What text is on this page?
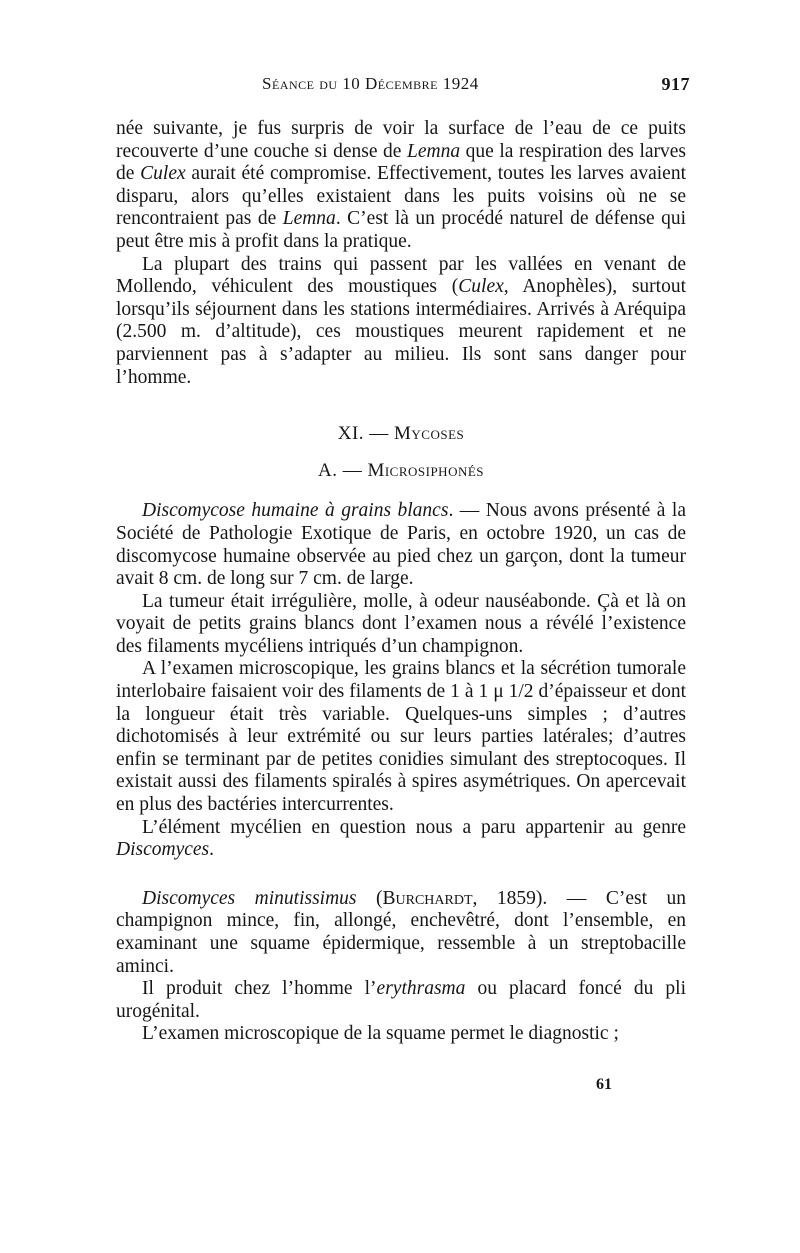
Séance du 10 Décembre 1924	917

née suivante, je fus surpris de voir la surface de l’eau de ce puits recouverte d’une couche si dense de Lemna que la respiration des larves de Culex aurait été compromise. Effectivement, toutes les larves avaient disparu, alors qu’elles existaient dans les puits voisins où ne se rencontraient pas de Lemna. C’est là un procédé naturel de défense qui peut être mis à profit dans la pratique.

La plupart des trains qui passent par les vallées en venant de Mollendo, véhiculent des moustiques (Culex, Anophèles), surtout lorsqu’ils séjournent dans les stations intermédiaires. Arrivés à Aréquipa (2.500 m. d’altitude), ces moustiques meurent rapidement et ne parviennent pas à s’adapter au milieu. Ils sont sans danger pour l’homme.

XI. — Mycoses

A. — Microsiphonés

Discomycose humaine à grains blancs. — Nous avons présenté à la Société de Pathologie Exotique de Paris, en octobre 1920, un cas de discomycose humaine observée au pied chez un garçon, dont la tumeur avait 8 cm. de long sur 7 cm. de large.

La tumeur était irrégulière, molle, à odeur nauséabonde. Çà et là on voyait de petits grains blancs dont l’examen nous a révélé l’existence des filaments mycéliens intriqués d’un champignon.

A l’examen microscopique, les grains blancs et la sécrétion tumorale interlobaire faisaient voir des filaments de 1 à 1 μ 1/2 d’épaisseur et dont la longueur était très variable. Quelques-uns simples ; d’autres dichotomisés à leur extrémité ou sur leurs parties latérales; d’autres enfin se terminant par de petites conidies simulant des streptocoques. Il existait aussi des filaments spiralés à spires asymétriques. On apercevait en plus des bactéries intercurrentes.

L’élément mycélien en question nous a paru appartenir au genre Discomyces.

Discomyces minutissimus (Burchardt, 1859). — C’est un champignon mince, fin, allongé, enchevêtré, dont l’ensemble, en examinant une squame épidermique, ressemble à un streptobacille aminci.

Il produit chez l’homme l’erythrasma ou placard foncé du pli urogénital.

L’examen microscopique de la squame permet le diagnostic ;

61
